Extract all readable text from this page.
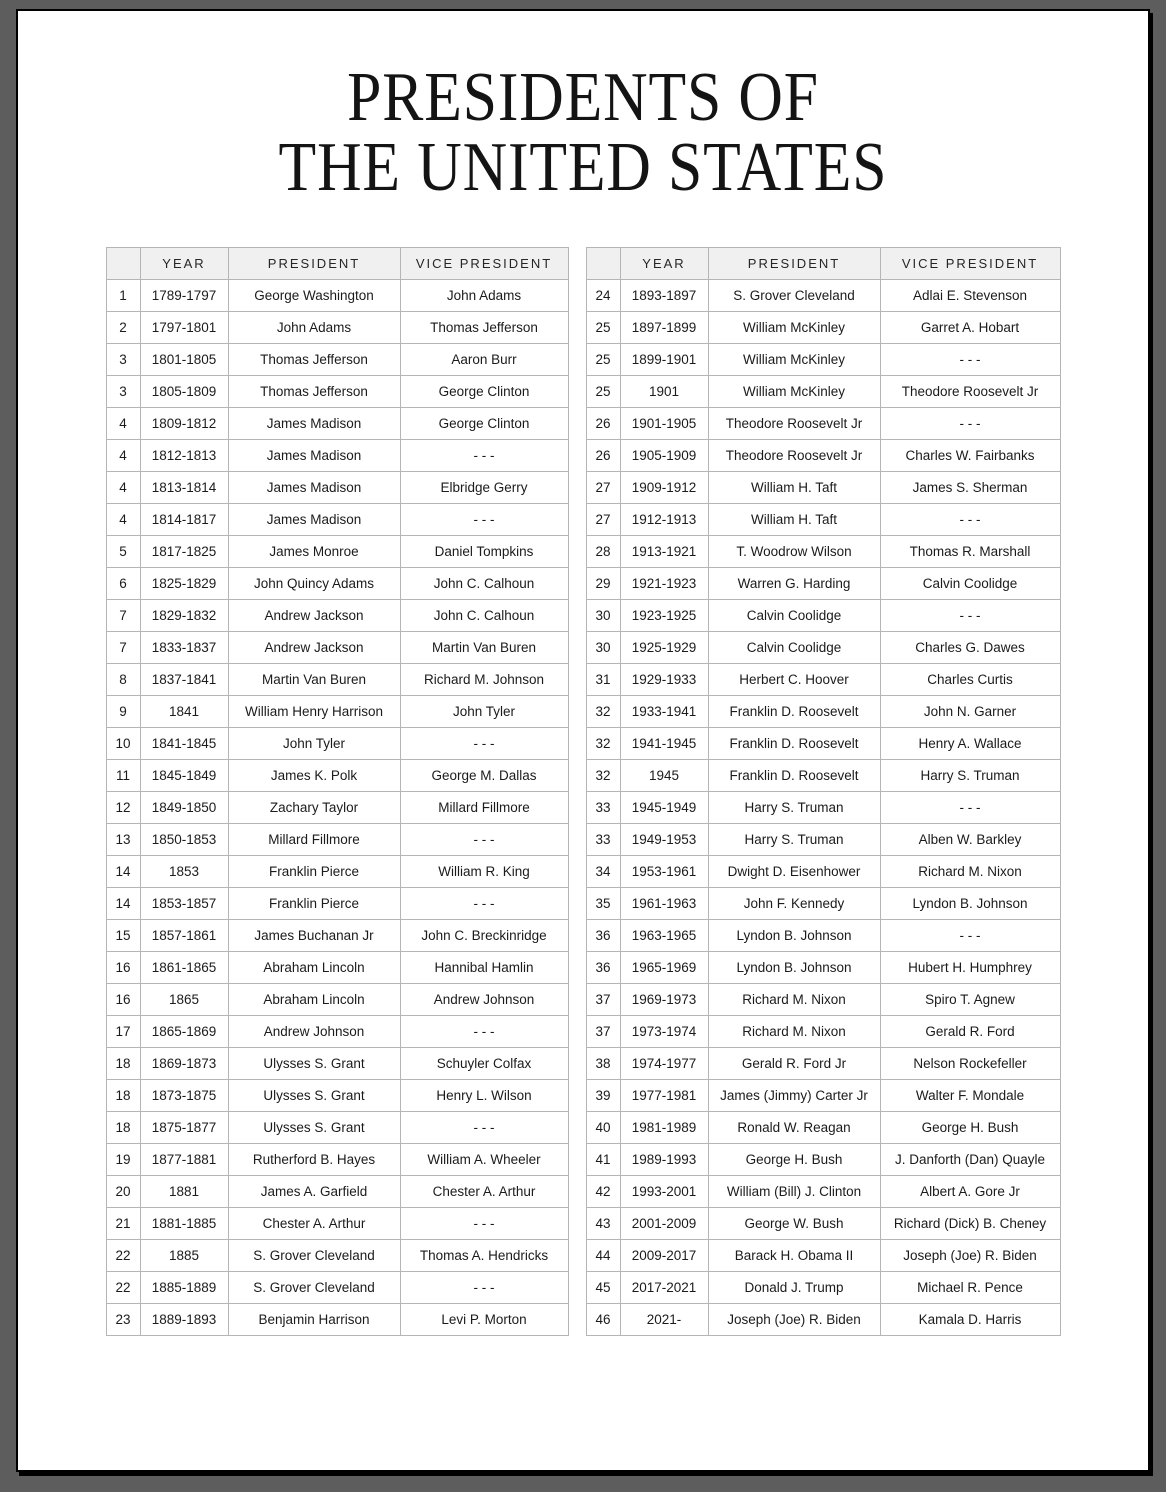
PRESIDENTS OF
THE UNITED STATES
	YEAR	PRESIDENT	VICE PRESIDENT
1	1789-1797	George Washington	John Adams
2	1797-1801	John Adams	Thomas Jefferson
3	1801-1805	Thomas Jefferson	Aaron Burr
3	1805-1809	Thomas Jefferson	George Clinton
4	1809-1812	James Madison	George Clinton
4	1812-1813	James Madison	- - -
4	1813-1814	James Madison	Elbridge Gerry
4	1814-1817	James Madison	- - -
5	1817-1825	James Monroe	Daniel Tompkins
6	1825-1829	John Quincy Adams	John C. Calhoun
7	1829-1832	Andrew Jackson	John C. Calhoun
7	1833-1837	Andrew Jackson	Martin Van Buren
8	1837-1841	Martin Van Buren	Richard M. Johnson
9	1841	William Henry Harrison	John Tyler
10	1841-1845	John Tyler	- - -
11	1845-1849	James K. Polk	George M. Dallas
12	1849-1850	Zachary Taylor	Millard Fillmore
13	1850-1853	Millard Fillmore	- - -
14	1853	Franklin Pierce	William R. King
14	1853-1857	Franklin Pierce	- - -
15	1857-1861	James Buchanan Jr	John C. Breckinridge
16	1861-1865	Abraham Lincoln	Hannibal Hamlin
16	1865	Abraham Lincoln	Andrew Johnson
17	1865-1869	Andrew Johnson	- - -
18	1869-1873	Ulysses S. Grant	Schuyler Colfax
18	1873-1875	Ulysses S. Grant	Henry L. Wilson
18	1875-1877	Ulysses S. Grant	- - -
19	1877-1881	Rutherford B. Hayes	William A. Wheeler
20	1881	James A. Garfield	Chester A. Arthur
21	1881-1885	Chester A. Arthur	- - -
22	1885	S. Grover Cleveland	Thomas A. Hendricks
22	1885-1889	S. Grover Cleveland	- - -
23	1889-1893	Benjamin Harrison	Levi P. Morton
	YEAR	PRESIDENT	VICE PRESIDENT
24	1893-1897	S. Grover Cleveland	Adlai E. Stevenson
25	1897-1899	William McKinley	Garret A. Hobart
25	1899-1901	William McKinley	- - -
25	1901	William McKinley	Theodore Roosevelt Jr
26	1901-1905	Theodore Roosevelt Jr	- - -
26	1905-1909	Theodore Roosevelt Jr	Charles W. Fairbanks
27	1909-1912	William H. Taft	James S. Sherman
27	1912-1913	William H. Taft	- - -
28	1913-1921	T. Woodrow Wilson	Thomas R. Marshall
29	1921-1923	Warren G. Harding	Calvin Coolidge
30	1923-1925	Calvin Coolidge	- - -
30	1925-1929	Calvin Coolidge	Charles G. Dawes
31	1929-1933	Herbert C. Hoover	Charles Curtis
32	1933-1941	Franklin D. Roosevelt	John N. Garner
32	1941-1945	Franklin D. Roosevelt	Henry A. Wallace
32	1945	Franklin D. Roosevelt	Harry S. Truman
33	1945-1949	Harry S. Truman	- - -
33	1949-1953	Harry S. Truman	Alben W. Barkley
34	1953-1961	Dwight D. Eisenhower	Richard M. Nixon
35	1961-1963	John F. Kennedy	Lyndon B. Johnson
36	1963-1965	Lyndon B. Johnson	- - -
36	1965-1969	Lyndon B. Johnson	Hubert H. Humphrey
37	1969-1973	Richard M. Nixon	Spiro T. Agnew
37	1973-1974	Richard M. Nixon	Gerald R. Ford
38	1974-1977	Gerald R. Ford Jr	Nelson Rockefeller
39	1977-1981	James (Jimmy) Carter Jr	Walter F. Mondale
40	1981-1989	Ronald W. Reagan	George H. Bush
41	1989-1993	George H. Bush	J. Danforth (Dan) Quayle
42	1993-2001	William (Bill) J. Clinton	Albert A. Gore Jr
43	2001-2009	George W. Bush	Richard (Dick) B. Cheney
44	2009-2017	Barack H. Obama II	Joseph (Joe) R. Biden
45	2017-2021	Donald J. Trump	Michael R. Pence
46	2021-	Joseph (Joe) R. Biden	Kamala D. Harris
